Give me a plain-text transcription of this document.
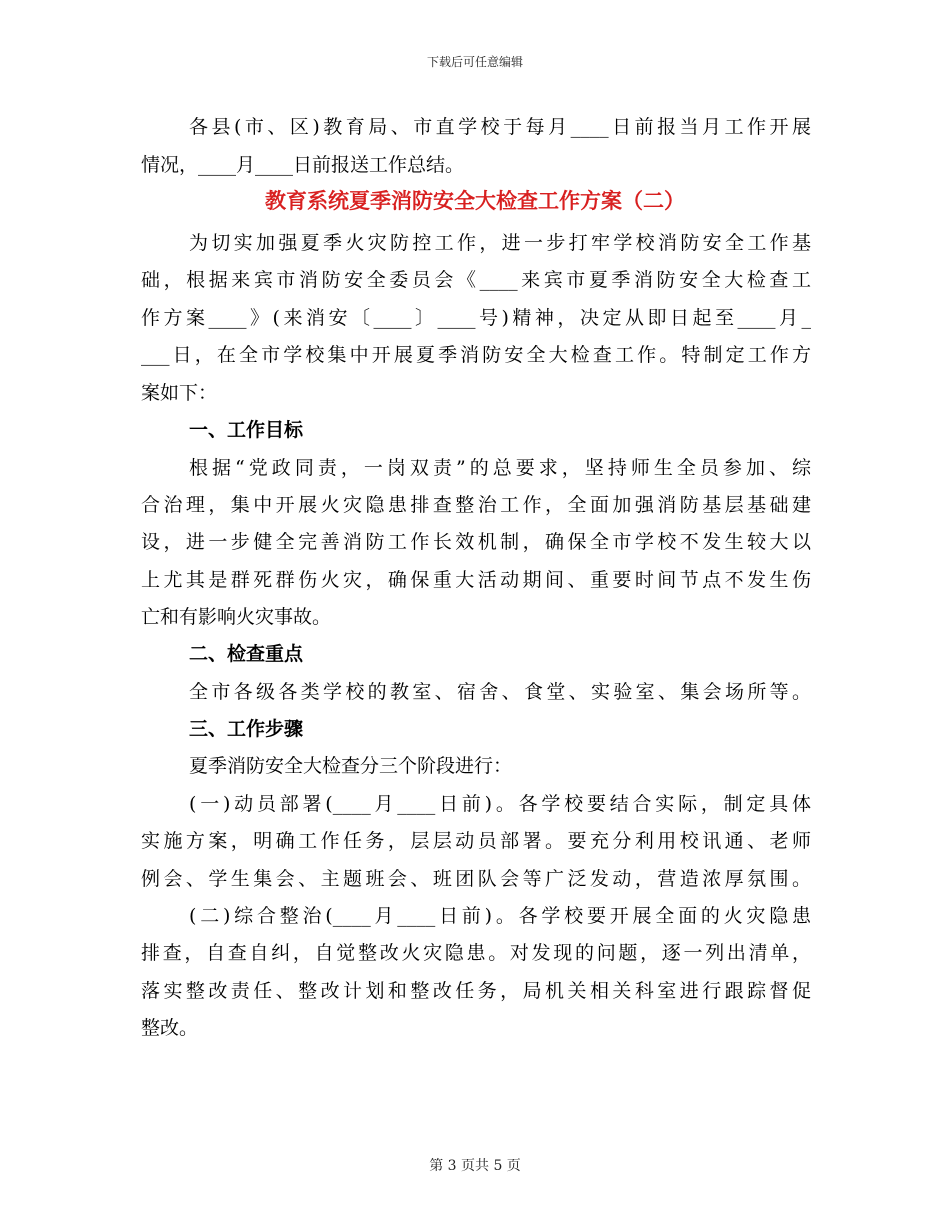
下载后可任意编辑
各县(市、区)教育局、市直学校于每月____日前报当月工作开展
情况，____月____日前报送工作总结。
教育系统夏季消防安全大检查工作方案（二）
为切实加强夏季火灾防控工作，进一步打牢学校消防安全工作基
础，根据来宾市消防安全委员会《____来宾市夏季消防安全大检查工
作方案____》(来消安〔____〕____号)精神，决定从即日起至____月_
___日，在全市学校集中开展夏季消防安全大检查工作。特制定工作方
案如下：
一、工作目标
根据“党政同责，一岗双责”的总要求，坚持师生全员参加、综
合治理，集中开展火灾隐患排查整治工作，全面加强消防基层基础建
设，进一步健全完善消防工作长效机制，确保全市学校不发生较大以
上尤其是群死群伤火灾，确保重大活动期间、重要时间节点不发生伤
亡和有影响火灾事故。
二、检查重点
全市各级各类学校的教室、宿舍、食堂、实验室、集会场所等。
三、工作步骤
夏季消防安全大检查分三个阶段进行：
(一)动员部署(____月____日前)。各学校要结合实际，制定具体
实施方案，明确工作任务，层层动员部署。要充分利用校讯通、老师
例会、学生集会、主题班会、班团队会等广泛发动，营造浓厚氛围。
(二)综合整治(____月____日前)。各学校要开展全面的火灾隐患
排查，自查自纠，自觉整改火灾隐患。对发现的问题，逐一列出清单，
落实整改责任、整改计划和整改任务，局机关相关科室进行跟踪督促
整改。
第 3 页共 5 页
